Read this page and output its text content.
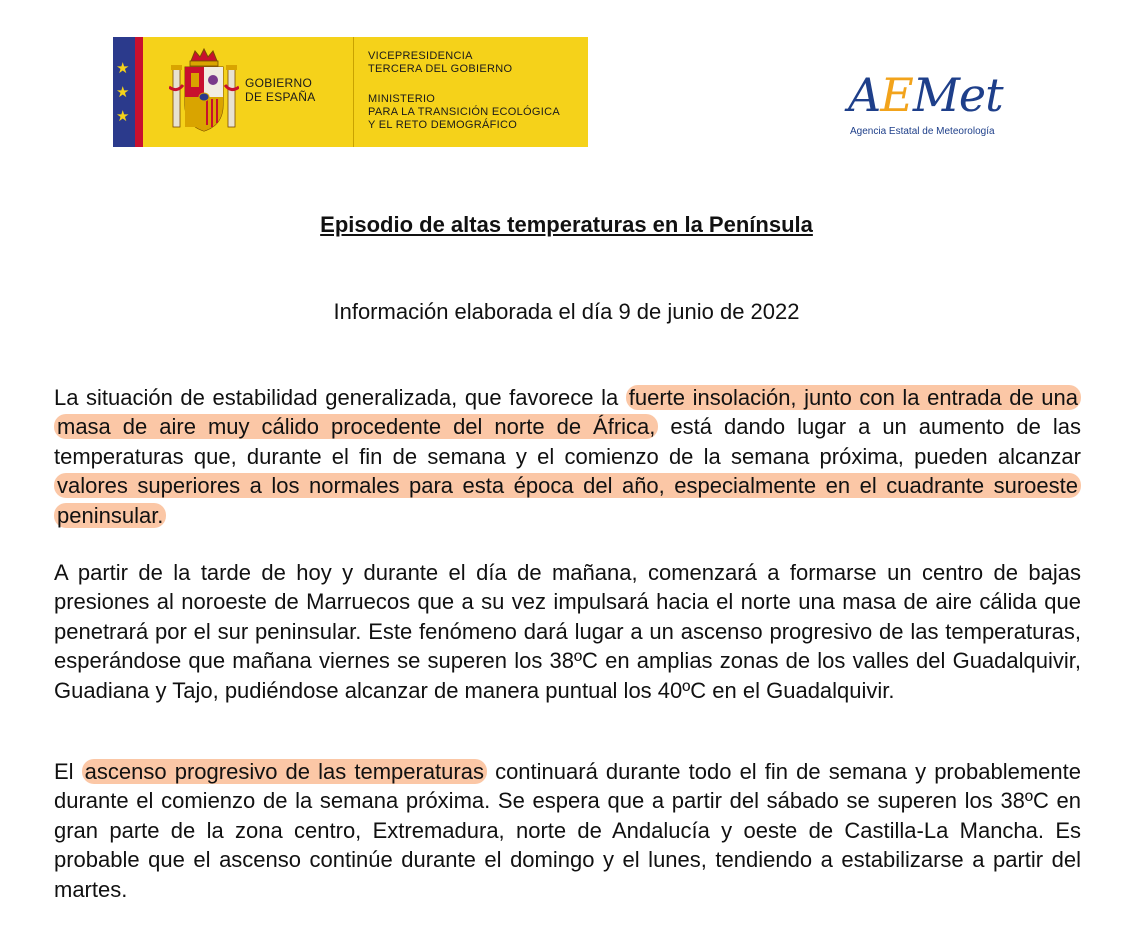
★
★
★
GOBIERNO
DE ESPAÑA
VICEPRESIDENCIA
TERCERA DEL GOBIERNO
MINISTERIO
PARA LA TRANSICIÓN ECOLÓGICA
Y EL RETO DEMOGRÁFICO
AEMet
Agencia Estatal de Meteorología
Episodio de altas temperaturas en la Península
Información elaborada el día 9 de junio de 2022
La situación de estabilidad generalizada, que favorece la fuerte insolación, junto con la entrada de una masa de aire muy cálido procedente del norte de África, está dando lugar a un aumento de las temperaturas que, durante el fin de semana y el comienzo de la semana próxima, pueden alcanzar valores superiores a los normales para esta época del año, especialmente en el cuadrante suroeste peninsular.
A partir de la tarde de hoy y durante el día de mañana, comenzará a formarse un centro de bajas presiones al noroeste de Marruecos que a su vez impulsará hacia el norte una masa de aire cálida que penetrará por el sur peninsular. Este fenómeno dará lugar a un ascenso progresivo de las temperaturas, esperándose que mañana viernes se superen los 38ºC en amplias zonas de los valles del Guadalquivir, Guadiana y Tajo, pudiéndose alcanzar de manera puntual los 40ºC en el Guadalquivir.
El ascenso progresivo de las temperaturas continuará durante todo el fin de semana y probablemente durante el comienzo de la semana próxima. Se espera que a partir del sábado se superen los 38ºC en gran parte de la zona centro, Extremadura, norte de Andalucía y oeste de Castilla-La Mancha. Es probable que el ascenso continúe durante el domingo y el lunes, tendiendo a estabilizarse a partir del martes.
